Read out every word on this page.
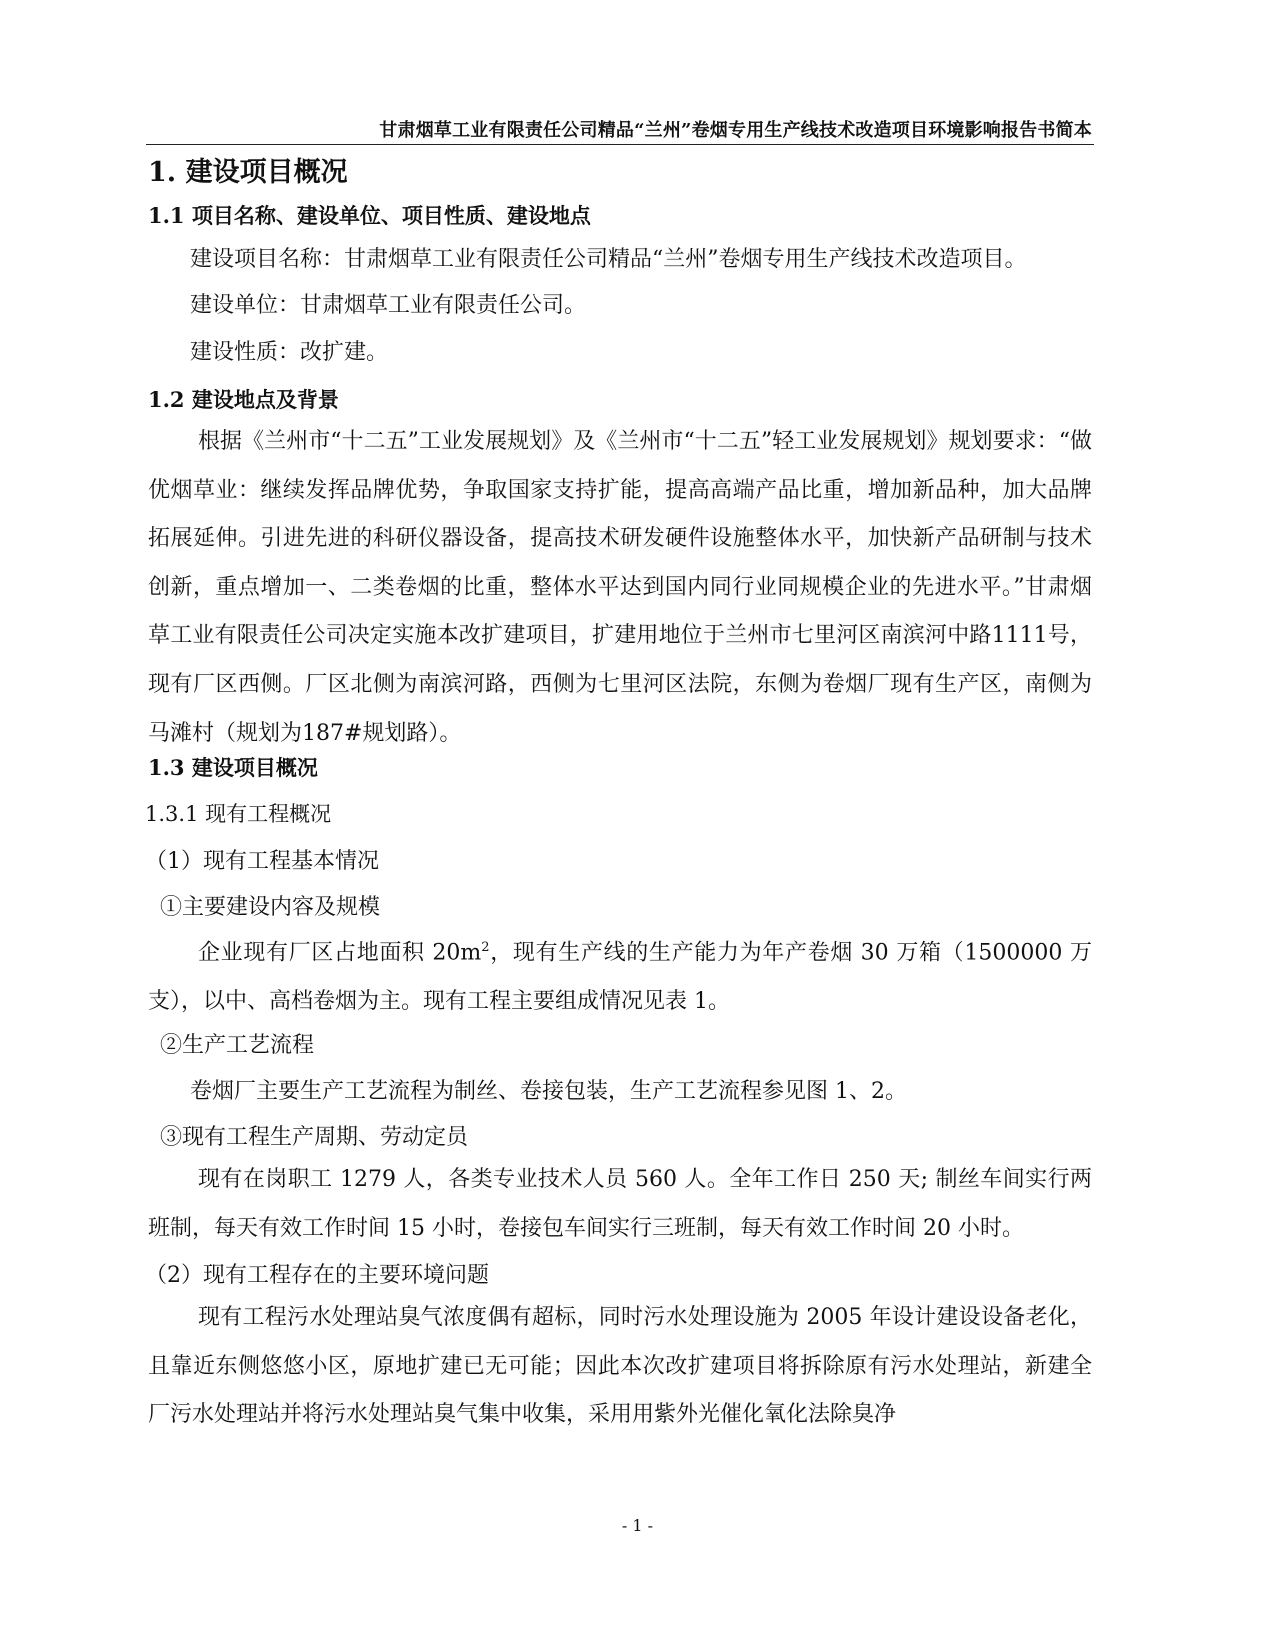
甘肃烟草工业有限责任公司精品“兰州”卷烟专用生产线技术改造项目环境影响报告书简本
1. 建设项目概况
1.1 项目名称、建设单位、项目性质、建设地点
建设项目名称：甘肃烟草工业有限责任公司精品“兰州”卷烟专用生产线技术改造项目。
建设单位：甘肃烟草工业有限责任公司。
建设性质：改扩建。
1.2 建设地点及背景
根据《兰州市“十二五”工业发展规划》及《兰州市“十二五”轻工业发展规划》规划要求：“做优烟草业：继续发挥品牌优势，争取国家支持扩能，提高高端产品比重，增加新品种，加大品牌拓展延伸。引进先进的科研仪器设备，提高技术研发硬件设施整体水平，加快新产品研制与技术创新，重点增加一、二类卷烟的比重，整体水平达到国内同行业同规模企业的先进水平。”甘肃烟草工业有限责任公司决定实施本改扩建项目，扩建用地位于兰州市七里河区南滨河中路1111号，现有厂区西侧。厂区北侧为南滨河路，西侧为七里河区法院，东侧为卷烟厂现有生产区，南侧为马滩村（规划为187#规划路）。
1.3 建设项目概况
1.3.1 现有工程概况
（1）现有工程基本情况
①主要建设内容及规模
企业现有厂区占地面积 $20m^2$，现有生产线的生产能力为年产卷烟 30 万箱（1500000 万支），以中、高档卷烟为主。现有工程主要组成情况见表 1。
②生产工艺流程
卷烟厂主要生产工艺流程为制丝、卷接包装，生产工艺流程参见图 1、2。
③现有工程生产周期、劳动定员
现有在岗职工 1279 人，各类专业技术人员 560 人。全年工作日 250 天; 制丝车间实行两班制，每天有效工作时间 15 小时，卷接包车间实行三班制，每天有效工作时间 20 小时。
（2）现有工程存在的主要环境问题
现有工程污水处理站臭气浓度偶有超标，同时污水处理设施为 2005 年设计建设设备老化，且靠近东侧悠悠小区，原地扩建已无可能；因此本次改扩建项目将拆除原有污水处理站，新建全厂污水处理站并将污水处理站臭气集中收集，采用用紫外光催化氧化法除臭净
- 1 -
